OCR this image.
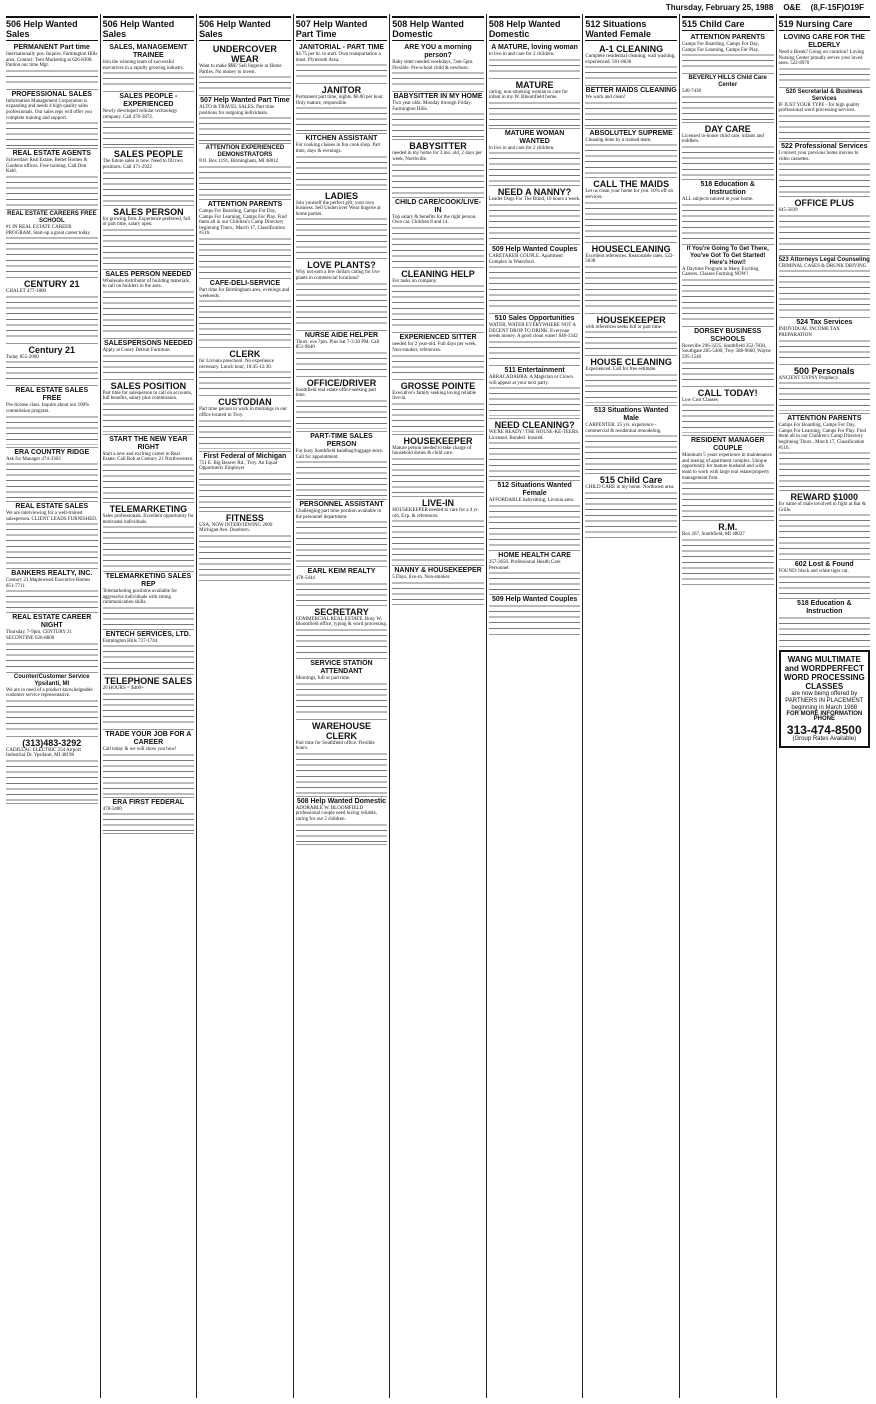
Thursday, February 25, 1988 O&E (8,F-15F)O19F
506 Help Wanted Sales

PERMANENT Part time

Internationally pos. Inquire. Farmington Hills area. Contact: Tom Marketing at 626-8300. Pardon our time Mgr.

PROFESSIONAL SALES

Information Management Corporation is expanding and needs 4 high quality sales professionals. Our sales reps will offer you complete training and support.

REAL ESTATE AGENTS

Schweitzer Real Estate, Better Homes & Gardens offices. Free training. Call Don Kehl.

REAL ESTATE CAREERS FREE SCHOOL

#1 IN REAL ESTATE CAREER PROGRAM. Start-up a great career today.

CENTURY 21

CHALET 477-1800

Century 21

Today 855-2000

REAL ESTATE SALES FREE

Pre-license class. Inquire about our 100% commission program.

ERA COUNTRY RIDGE

Ask for Manager 474-3303

REAL ESTATE SALES

We are interviewing for a well-trained salesperson. CLIENT LEADS FURNISHED.

BANKERS REALTY, INC.

Century 21 Maplewood Executive Homes 851-7711

REAL ESTATE CAREER NIGHT

Thursday, 7-9pm. CENTURY 21 SECONTINE 626-8800

Counter/Customer Service Ypsilanti, MI

We are in need of a product knowledgeable customer service representative.

(313)483-3292

CADILLAC ELECTRIC 254 Airport Industrial Dr. Ypsilanti, MI 48198

506 Help Wanted Sales

SALES, MANAGEMENT TRAINEE

Join the winning team of successful executives in a rapidly growing industry.

SALES PEOPLE - EXPERIENCED

Newly developed cellular technology company. Call 476-2872.

SALES PEOPLE

The future sales is now. Need to fill two positions. Call 471-2922

SALES PERSON

for growing firm. Experience preferred, full or part time, salary open.

SALES PERSON NEEDED

Wholesale distributor of building materials, to call on builders in the area.

SALESPERSONS NEEDED

Apply at Coney Detroit Furniture.

SALES POSITION

Part time for salesperson to call on accounts, full benefits, salary plus commission.

START THE NEW YEAR RIGHT

Start a new and exciting career in Real Estate. Call Bob at Century 21 Northwestern.

TELEMARKETING

Sales professionals. Excellent opportunity for motivated individuals.

TELEMARKETING SALES REP

Telemarketing positions available for aggressive individuals with strong communication skills.

ENTECH SERVICES, LTD.

Farmington Hills 737-1744

TELEPHONE SALES

20 HOURS = $400+

TRADE YOUR JOB FOR A CAREER

Call today & we will show you how!

ERA FIRST FEDERAL

478-3400

506 Help Wanted Sales

UNDERCOVER WEAR

Want to make $$$? Sell lingerie at Home Parties. No money to invest.

507 Help Wanted Part Time

ALTO & TRAVEL SALES. Part time positions for outgoing individuals.

ATTENTION EXPERIENCED DEMONSTRATORS

P.O. Box 1191, Birmingham, MI 48012

ATTENTION PARENTS

Camps For Boarding, Camps For Day, Camps For Learning, Camps For Play. Find them all in our Children's Camp Directory beginning Thurs., March 17, Classification #516.

CAFE-DELI-SERVICE

Part time for Birmingham area, evenings and weekends.

CLERK

for Livonia preschool. No experience necessary. Lunch hour, 10:45-12:30.

CUSTODIAN

Part time person to work in mornings in our office located in Troy.

First Federal of Michigan

751 E. Big Beaver Rd., Troy. An Equal Opportunity Employer

FITNESS

USA; NOW INTERVIEWING 2000 Michigan Ave. Dearborn.

507 Help Wanted Part Time

JANITORIAL - PART TIME

$4.75 per hr. to start. Own transportation a must. Plymouth Area.

JANITOR

Permanent part time, nights. $6.00 per hour. Only mature, responsible.

KITCHEN ASSISTANT

For cooking classes in fun cook shop. Part time, days & evenings.

LADIES

Join yourself the perfect gift; your own business. Sell Undercover Wear lingerie at home parties.

LOVE PLANTS?

Why not earn a few dollars caring for live plants in commercial locations?

NURSE AIDE HELPER

Thurs. eve 7pm. Plus Sat 7-3:30 PM. Call 851-9640

OFFICE/DRIVER

Southfield real estate office seeking part time.

PART-TIME SALES PERSON

For busy Southfield handbag/luggage store. Call for appointment.

PERSONNEL ASSISTANT

Challenging part time position available in the personnel department.

EARL KEIM REALTY

478-5444

SECRETARY

COMMERCIAL REAL ESTATE. Busy W. Bloomfield office, typing & word processing.

SERVICE STATION ATTENDANT

Mornings, full or part time.

WAREHOUSE CLERK

Part time for Southfield office. Flexible hours.

508 Help Wanted Domestic

ADORABLE W. BLOOMFIELD professional couple need loving reliable, caring for our 2 children.

508 Help Wanted Domestic

ARE YOU a morning person?

Baby sitter needed weekdays, 7am-5pm. Flexible. Pre-school child & newborn.

BABYSITTER IN MY HOME

Two year olds. Monday through Friday. Farmington Hills.

BABYSITTER

needed in my home for 3 mo. old, 2 days per week, Northville.

CHILD CARE/COOK/LIVE-IN

Top salary & benefits for the right person. Own car. Children 8 and 14.

CLEANING HELP

For tasks on company.

EXPERIENCED SITTER

needed for 2 year-old. Full days per week. Non-smoker, references.

GROSSE POINTE

Executive's family seeking loving reliable live-in.

HOUSEKEEPER

Mature person needed to take charge of household duties & child care.

LIVE-IN

HOUSEKEEPER needed to care for a 4 yr. old, Exp. & references.

NANNY & HOUSEKEEPER

5 Days, live-in. Non-smoker.

508 Help Wanted Domestic

A MATURE, loving woman

to live in and care for 2 children.

MATURE

caring, non-smoking woman to care for infant in my W. Bloomfield home.

MATURE WOMAN WANTED

to live in and care for 2 children.

NEED A NANNY?

Leader Dogs For The Blind, 10 hours a week.

509 Help Wanted Couples

CARETAKER COUPLE. Apartment Complex in Waterford.

510 Sales Opportunities

WATER, WATER EVERYWHERE NOT A DECENT DROP TO DRINK. Everyone needs money. A good clean water! 646-1342

511 Entertainment

ABRACADABRA. A Magician or Clown will appear at your next party.

NEED CLEANING?

WE'RE READY! THE HOUSE-KE-TEERS. Licensed. Bonded. Insured.

512 Situations Wanted Female

AFFORDABLE babysitting, Livonia area.

HOME HEALTH CARE

357-3650. Professional Health Care Personnel

509 Help Wanted Couples

512 Situations Wanted Female

A-1 CLEANING

Complete residential cleaning, wall washing, experienced. 561-8630

BETTER MAIDS CLEANING

We work and clean!

ABSOLUTELY SUPREME

Cleaning done by a trained team.

CALL THE MAIDS

Let us clean your home for you. 10% off on services.

HOUSECLEANING

Excellent references. Reasonable rates. 522-5038

HOUSEKEEPER

with references seeks full or part time.

HOUSE CLEANING

Experienced. Call for free estimate.

513 Situations Wanted Male

CARPENTER. 25 yrs. experience - commercial & residential remodeling.

515 Child Care

CHILD CARE in my home. Northwest area.

515 Child Care

ATTENTION PARENTS

Camps For Boarding, Camps For Day, Camps For Learning, Camps For Play.

BEVERLY HILLS Child Care Center

540-7430

DAY CARE

Licensed in-house child care, infants and toddlers.

518 Education & Instruction

ALL subjects tutored in your home.

If You're Going To Get There, You've Got To Get Started! Here's How!!

A Daytime Program in Many Exciting Careers. Classes Forming NOW!

DORSEY BUSINESS SCHOOLS

Roseville 296-3225, Southfield 352-7830, Southgate 285-5400, Troy 588-9660, Wayne 595-1540

CALL TODAY!

Low Cost Classes

RESIDENT MANAGER COUPLE

Minimum 5 years experience in maintenance and leasing of apartment complex. Unique opportunity for mature husband and wife team to work with large real estate/property management firm.

R.M.

Box 267, Southfield, MI 48037

519 Nursing Care

LOVING CARE FOR THE ELDERLY

Need a Break? Going on vacation? Loving Nursing Center proudly serves your loved ones. 522-8970

520 Secretarial & Business Services

IF JUST YOUR TYPE - for high quality professional word processing services.

522 Professional Services

I convert your previous home movies to video cassettes.

OFFICE PLUS

645-5839

523 Attorneys Legal Counseling

CRIMINAL CASES & DRUNK DRIVING

524 Tax Services

INDIVIDUAL INCOME TAX PREPARATION

500 Personals

ANCIENT GYPSY Prophecy.

ATTENTION PARENTS

Camps For Boarding, Camps For Day, Camps For Learning, Camps For Play. Find them all in our Children's Camp Directory beginning Thurs., March 17, Classification #516.

REWARD $1000

for name of male involved in fight at Bar & Grille.

602 Lost & Found

FOUND: black and white tiger cat.

518 Education & Instruction

WANG MULTIMATE and WORDPERFECT WORD PROCESSING CLASSES
are now being offered by PARTNERS IN PLACEMENT beginning in March 1988
FOR MORE INFORMATION PHONE
313-474-8500
(Group Rates Available)
